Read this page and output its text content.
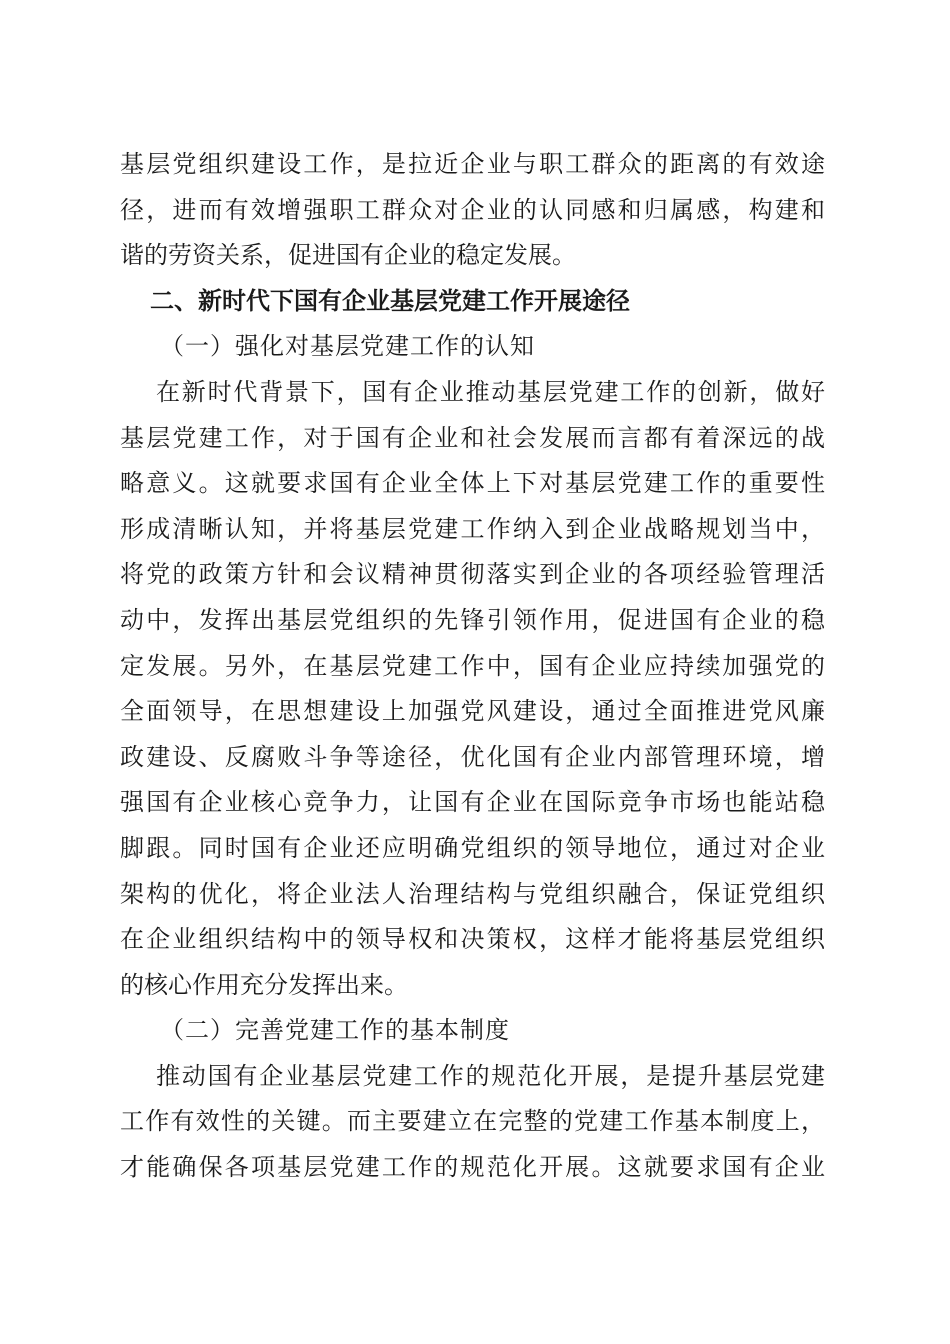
基层党组织建设工作，是拉近企业与职工群众的距离的有效途
径，进而有效增强职工群众对企业的认同感和归属感，构建和
谐的劳资关系，促进国有企业的稳定发展。
二、新时代下国有企业基层党建工作开展途径
（一）强化对基层党建工作的认知
在新时代背景下，国有企业推动基层党建工作的创新，做好
基层党建工作，对于国有企业和社会发展而言都有着深远的战
略意义。这就要求国有企业全体上下对基层党建工作的重要性
形成清晰认知，并将基层党建工作纳入到企业战略规划当中，
将党的政策方针和会议精神贯彻落实到企业的各项经验管理活
动中，发挥出基层党组织的先锋引领作用，促进国有企业的稳
定发展。另外，在基层党建工作中，国有企业应持续加强党的
全面领导，在思想建设上加强党风建设，通过全面推进党风廉
政建设、反腐败斗争等途径，优化国有企业内部管理环境，增
强国有企业核心竞争力，让国有企业在国际竞争市场也能站稳
脚跟。同时国有企业还应明确党组织的领导地位，通过对企业
架构的优化，将企业法人治理结构与党组织融合，保证党组织
在企业组织结构中的领导权和决策权，这样才能将基层党组织
的核心作用充分发挥出来。
（二）完善党建工作的基本制度
推动国有企业基层党建工作的规范化开展，是提升基层党建
工作有效性的关键。而主要建立在完整的党建工作基本制度上，
才能确保各项基层党建工作的规范化开展。这就要求国有企业
